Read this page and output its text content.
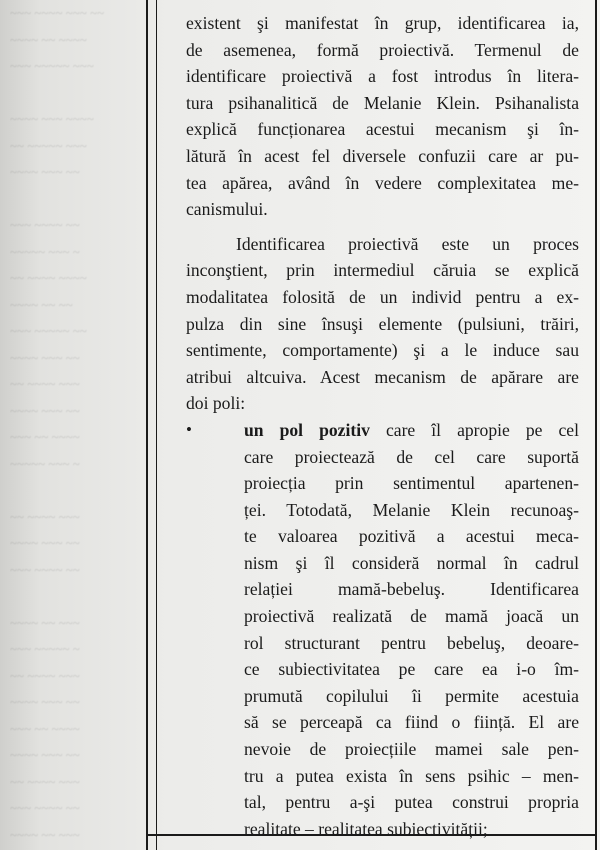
~~~ ~~~~ ~~~ ~~
~~~~ ~~ ~~~~
~~~ ~~~~~ ~~~

~~~~ ~~~ ~~~~
~~ ~~~~~ ~~~
~~~~ ~~~ ~~

~~~ ~~~~ ~~
~~~~~ ~~~ ~
~~ ~~~~ ~~~~
~~~~ ~~ ~~
~~~ ~~~~~ ~~
~~~~ ~~~ ~~
~~ ~~~~ ~~~
~~~~ ~~~ ~~
~~~ ~~ ~~~~
~~~~~ ~~~ ~

~~ ~~~~ ~~~
~~~~ ~~~ ~~
~~~ ~~~~ ~~

~~~~ ~~ ~~~
~~~ ~~~~~ ~
~~ ~~~~ ~~~
~~~~ ~~~ ~~
~~~ ~~ ~~~~
~~~~ ~~~ ~~
~~ ~~~~ ~~~
~~~ ~~~~ ~~
~~~~ ~~ ~~~
existent şi manifestat în grup, identificarea ia,
de asemenea, formă proiectivă. Termenul de
identificare proiectivă a fost introdus în litera-
tura psihanalitică de Melanie Klein. Psihanalista
explică funcționarea acestui mecanism şi în-
lătură în acest fel diversele confuzii care ar pu-
tea apărea, având în vedere complexitatea me-
canismului.
Identificarea proiectivă este un proces
inconştient, prin intermediul căruia se explică
modalitatea folosită de un individ pentru a ex-
pulza din sine însuşi elemente (pulsiuni, trăiri,
sentimente, comportamente) şi a le induce sau
atribui altcuiva. Acest mecanism de apărare are
doi poli:
•	un pol pozitiv care îl apropie pe cel
care proiectează de cel care suportă
proiecția prin sentimentul apartenen-
ței. Totodată, Melanie Klein recunoaş-
te valoarea pozitivă a acestui meca-
nism şi îl consideră normal în cadrul
relației mamă-bebeluş. Identificarea
proiectivă realizată de mamă joacă un
rol structurant pentru bebeluş, deoare-
ce subiectivitatea pe care ea i-o îm-
prumută copilului îi permite acestuia
să se perceapă ca fiind o ființă. El are
nevoie de proiecțiile mamei sale pen-
tru a putea exista în sens psihic – men-
tal, pentru a-şi putea construi propria
realitate – realitatea subiectivității;
